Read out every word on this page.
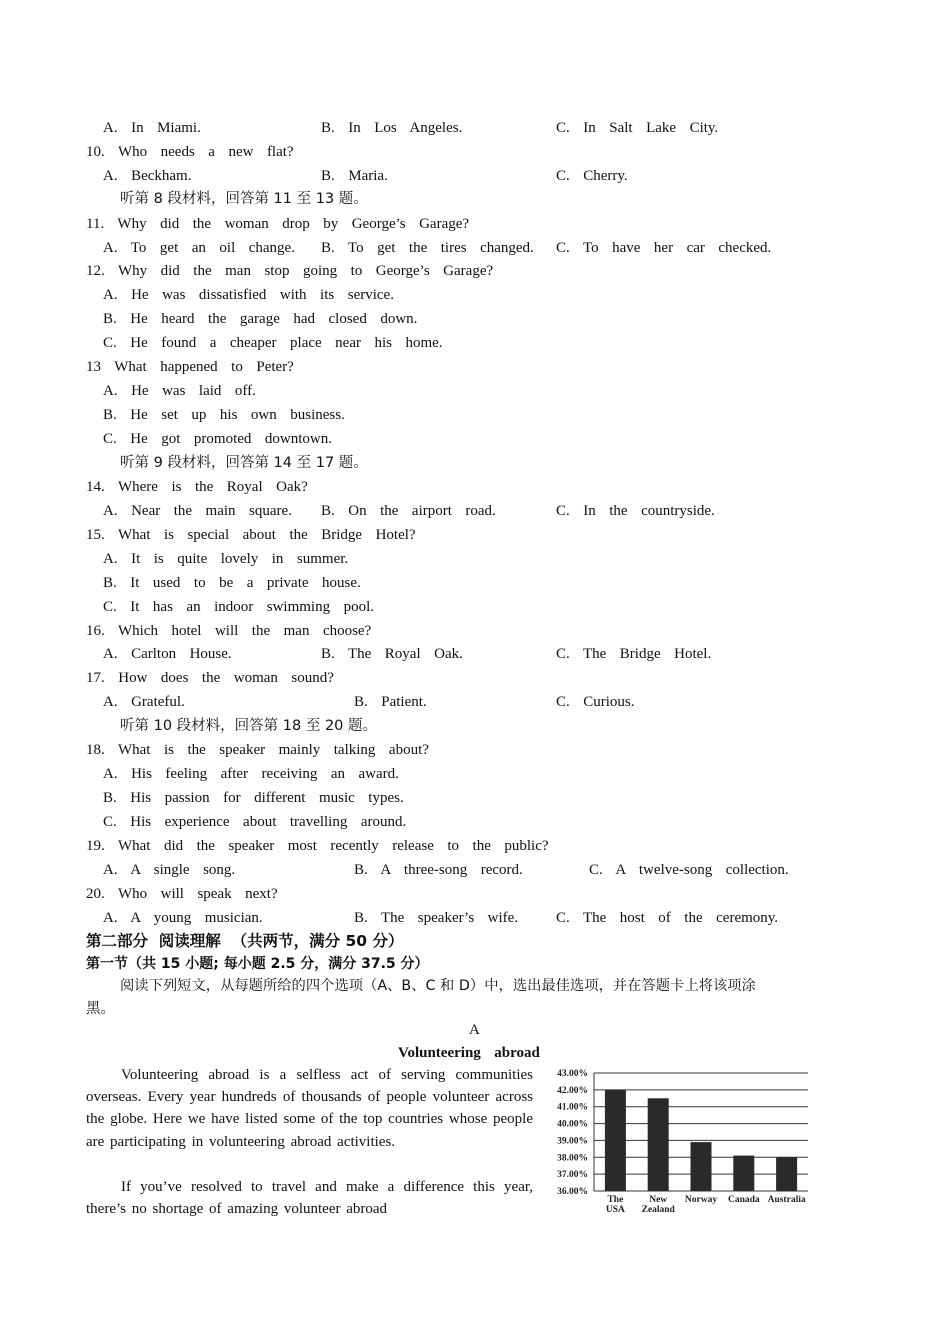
A.  In  Miami.	B.  In  Los  Angeles.	C.  In  Salt  Lake  City.
10.  Who  needs  a  new  flat?
A.  Beckham.	B.  Maria.	C.  Cherry.
听第 8 段材料，回答第 11 至 13 题。
11.  Why  did  the  woman  drop  by  George’s  Garage?
A.  To  get  an  oil  change. B.  To  get  the  tires  changed. C.  To  have  her  car  checked.
12.  Why  did  the  man  stop  going  to  George’s  Garage?
A.  He  was  dissatisfied  with  its  service.
B.  He  heard  the  garage  had  closed  down.
C.  He  found  a  cheaper  place  near  his  home.
13  What  happened  to  Peter?
A.  He  was  laid  off.
B.  He  set  up  his  own  business.
C.  He  got  promoted  downtown.
听第 9 段材料，回答第 14 至 17 题。
14.  Where  is  the  Royal  Oak?
A.  Near  the  main  square. B.  On  the  airport  road.	C.  In  the  countryside.
15.  What  is  special  about  the  Bridge  Hotel?
A.  It  is  quite  lovely  in  summer.
B.  It  used  to  be  a  private  house.
C.  It  has  an  indoor  swimming  pool.
16.  Which  hotel  will  the  man  choose?
A.  Carlton  House.	B.  The  Royal  Oak.	C.  The  Bridge  Hotel.
17.  How  does  the  woman  sound?
A.  Grateful.	B.  Patient.	C.  Curious.
听第 10 段材料，回答第 18 至 20 题。
18.  What  is  the  speaker  mainly  talking  about?
A.  His  feeling  after  receiving  an  award.
B.  His  passion  for  different  music  types.
C.  His  experience  about  travelling  around.
19.  What  did  the  speaker  most  recently  release  to  the  public?
A.  A  single  song.	B.  A  three-song  record.	C.  A  twelve-song  collection.
20.  Who  will  speak  next?
A.  A  young  musician.	B.  The  speaker’s  wife.	C.  The  host  of  the  ceremony.
第二部分  阅读理解  （共两节，满分 50 分）
第一节（共 15 小题; 每小题 2.5 分，满分 37.5 分）
阅读下列短文，从每题所给的四个选项（A、B、C 和 D）中，选出最佳选项，并在答题卡上将该项涂
黑。
A
Volunteering  abroad
Volunteering abroad is a selfless act of serving communities overseas. Every year hundreds of thousands of people volunteer across the globe. Here we have listed some of the top countries whose people are participating in volunteering abroad activities.
If you’ve resolved to travel and make a difference this year, there’s no shortage of amazing volunteer abroad
36.00%
37.00%
38.00%
39.00%
40.00%
41.00%
42.00%
43.00%
The
USA
New
Zealand
Norway Canada Australia
